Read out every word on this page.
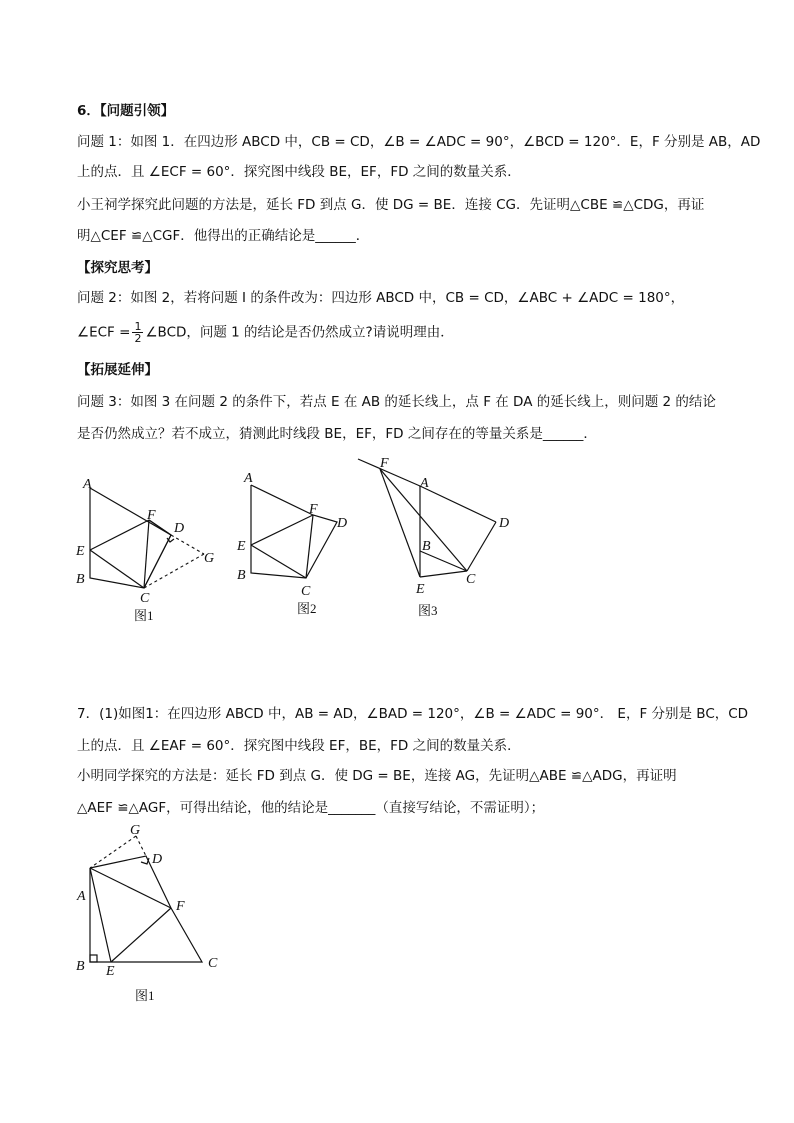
6．【问题引领】

问题 1：如图 1．在四边形 ABCD 中，CB = CD，∠B = ∠ADC = 90°，∠BCD = 120°．E，F 分别是 AB，AD

上的点．且 ∠ECF = 60°．探究图中线段 BE，EF，FD 之间的数量关系．

小王祠学探究此问题的方法是，延长 FD 到点 G．使 DG = BE．连接 CG．先证明△CBE ≌△CDG，再证

明△CEF ≌△CGF．他得出的正确结论是______．

【探究思考】

问题 2：如图 2，若将问题 I 的条件改为：四边形 ABCD 中，CB = CD，∠ABC + ∠ADC = 180°，

∠ECF = $\frac{1}{2}$ ∠BCD，问题 1 的结论是否仍然成立?请说明理由．

【拓展延伸】

问题 3：如图 3 在问题 2 的条件下，若点 E 在 AB 的延长线上，点 F 在 DA 的延长线上，则问题 2 的结论

是否仍然成立？若不成立，猜测此时线段 BE，EF，FD 之间存在的等量关系是______．

A
F
D
E	G
B
C
图1
A
F
D
E
B
C
图2
F
A
D
B
C
E
图3

7．(1)如图1：在四边形 ABCD 中，AB = AD，∠BAD = 120°，∠B = ∠ADC = 90°． E，F 分别是 BC，CD

上的点．且 ∠EAF = 60°．探究图中线段 EF，BE，FD 之间的数量关系．

小明同学探究的方法是：延长 FD 到点 G．使 DG = BE，连接 AG，先证明△ABE ≌△ADG，再证明

△AEF ≌△AGF，可得出结论，他的结论是_______（直接写结论，不需证明）；

G
D
A
F
B E
C
图1
